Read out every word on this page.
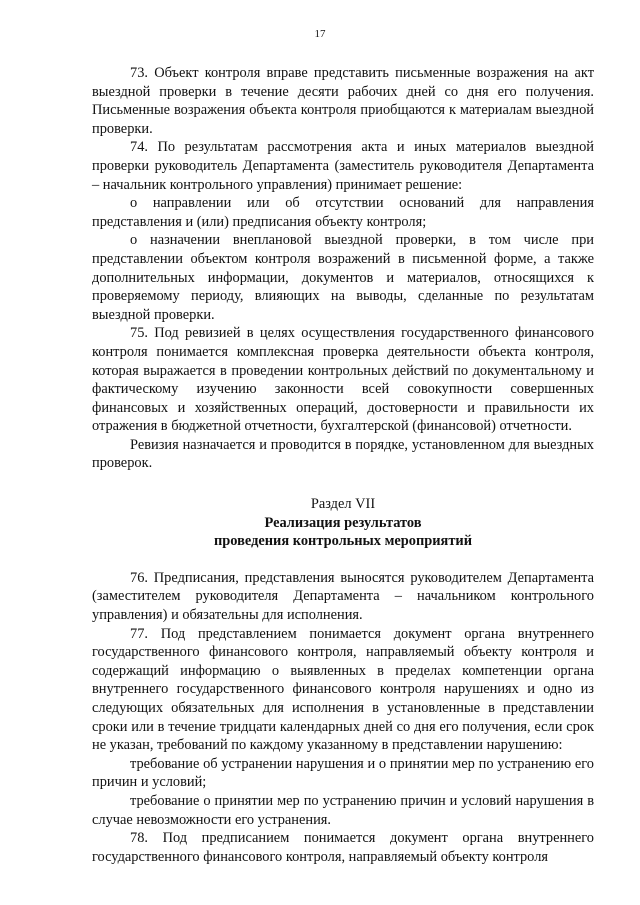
17

73. Объект контроля вправе представить письменные возражения на акт выездной проверки в течение десяти рабочих дней со дня его получения. Письменные возражения объекта контроля приобщаются к материалам выездной проверки.

74. По результатам рассмотрения акта и иных материалов выездной проверки руководитель Департамента (заместитель руководителя Департамента – начальник контрольного управления) принимает решение:

о направлении или об отсутствии оснований для направления представления и (или) предписания объекту контроля;

о назначении внеплановой выездной проверки, в том числе при представлении объектом контроля возражений в письменной форме, а также дополнительных информации, документов и материалов, относящихся к проверяемому периоду, влияющих на выводы, сделанные по результатам выездной проверки.

75. Под ревизией в целях осуществления государственного финансового контроля понимается комплексная проверка деятельности объекта контроля, которая выражается в проведении контрольных действий по документальному и фактическому изучению законности всей совокупности совершенных финансовых и хозяйственных операций, достоверности и правильности их отражения в бюджетной отчетности, бухгалтерской (финансовой) отчетности.

Ревизия назначается и проводится в порядке, установленном для выездных проверок.

Раздел VII

Реализация результатов

проведения контрольных мероприятий

76. Предписания, представления выносятся руководителем Департамента (заместителем руководителя Департамента – начальником контрольного управления) и обязательны для исполнения.

77. Под представлением понимается документ органа внутреннего государственного финансового контроля, направляемый объекту контроля и содержащий информацию о выявленных в пределах компетенции органа внутреннего государственного финансового контроля нарушениях и одно из следующих обязательных для исполнения в установленные в представлении сроки или в течение тридцати календарных дней со дня его получения, если срок не указан, требований по каждому указанному в представлении нарушению:

требование об устранении нарушения и о принятии мер по устранению его причин и условий;

требование о принятии мер по устранению причин и условий нарушения в случае невозможности его устранения.

78. Под предписанием понимается документ органа внутреннего государственного финансового контроля, направляемый объекту контроля
